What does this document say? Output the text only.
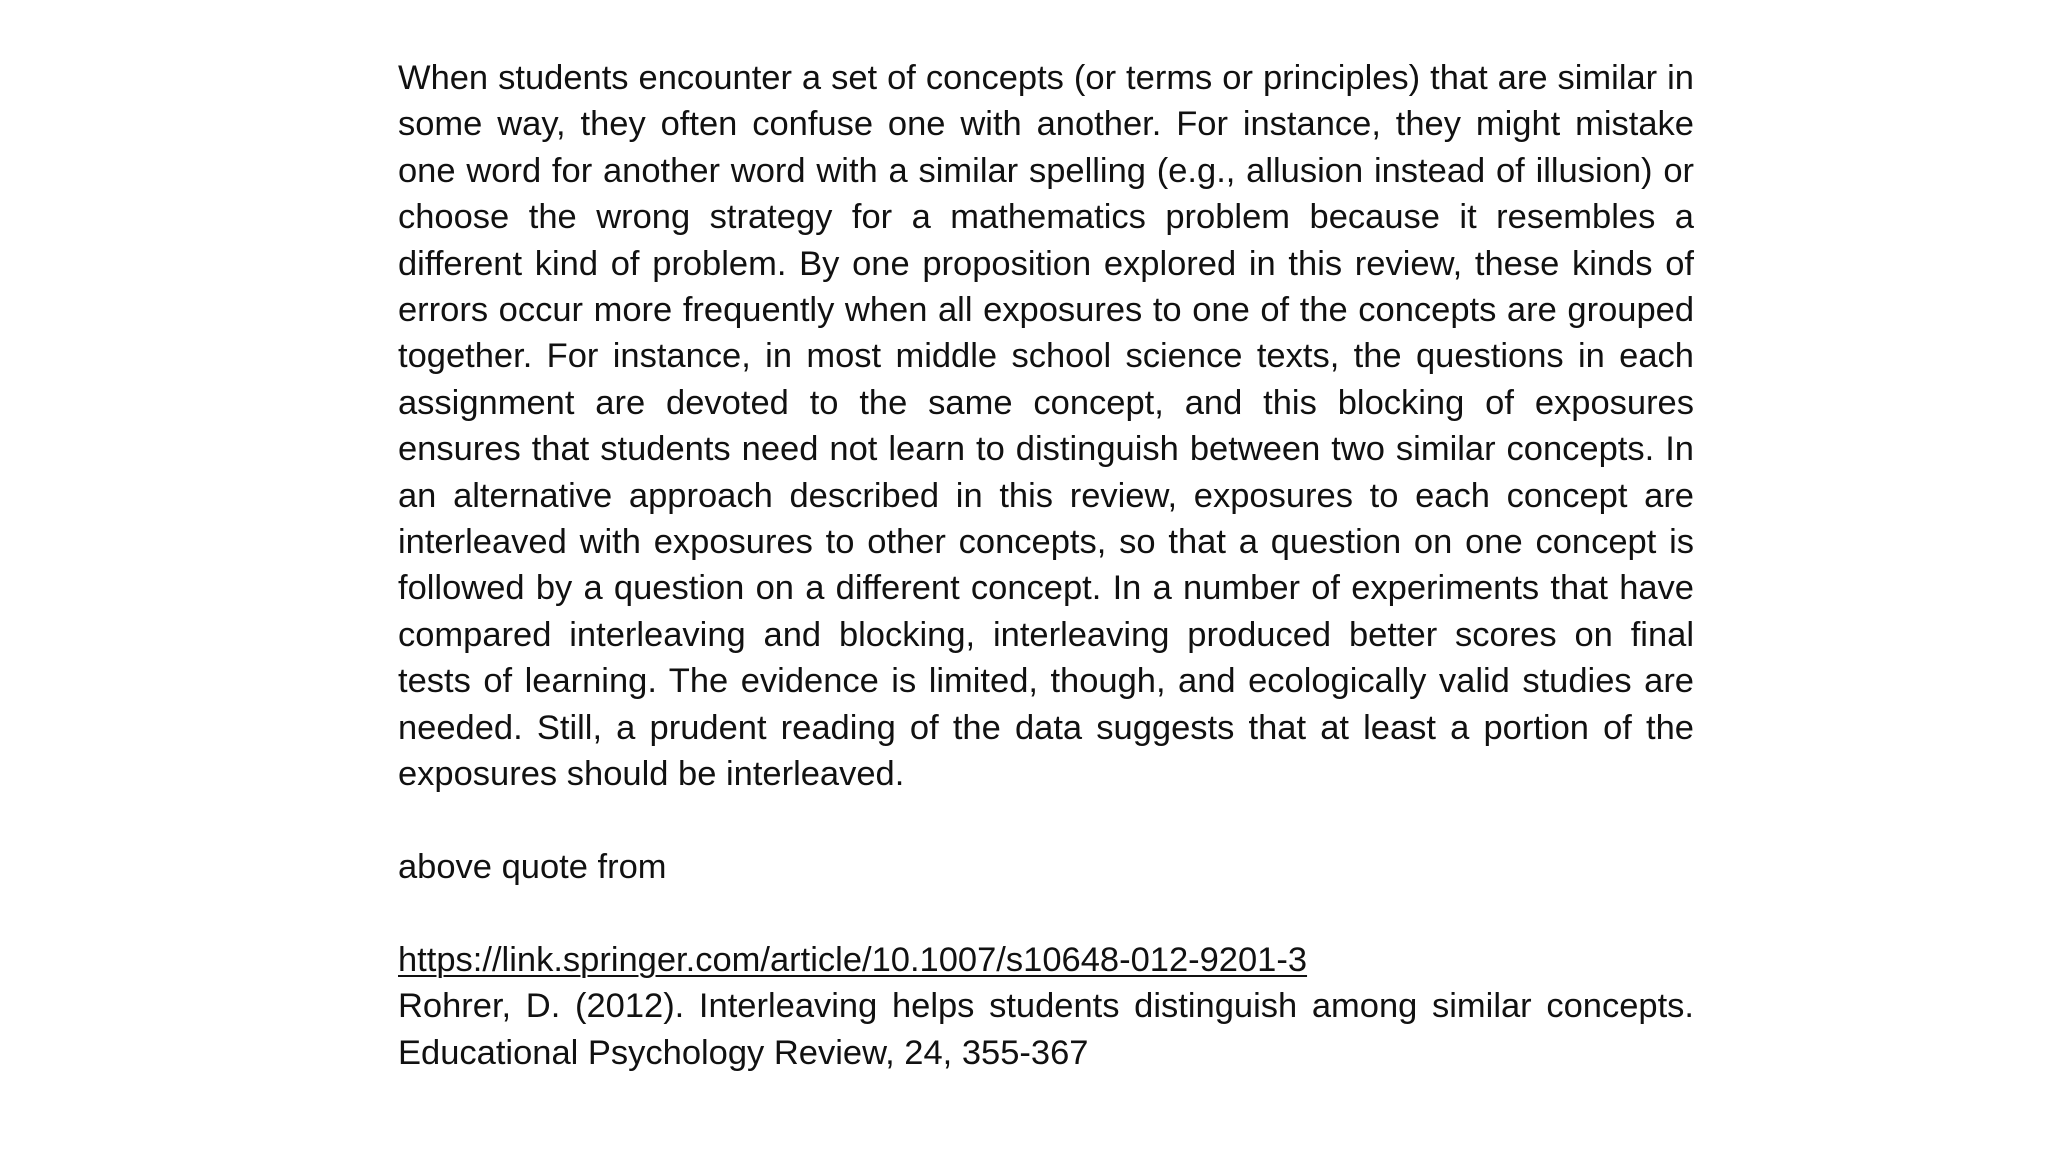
When students encounter a set of concepts (or terms or principles) that are similar in some way, they often confuse one with another. For instance, they might mistake one word for another word with a similar spelling (e.g., allusion instead of illusion) or choose the wrong strategy for a mathematics problem because it resembles a different kind of problem. By one proposition explored in this review, these kinds of errors occur more frequently when all exposures to one of the concepts are grouped together. For instance, in most middle school science texts, the questions in each assignment are devoted to the same concept, and this blocking of exposures ensures that students need not learn to distinguish between two similar concepts. In an alternative approach described in this review, exposures to each concept are interleaved with exposures to other concepts, so that a question on one concept is followed by a question on a different concept. In a number of experiments that have compared interleaving and blocking, interleaving produced better scores on final tests of learning. The evidence is limited, though, and ecologically valid studies are needed. Still, a prudent reading of the data suggests that at least a portion of the exposures should be interleaved.

above quote from

https://link.springer.com/article/10.1007/s10648-012-9201-3

Rohrer, D. (2012). Interleaving helps students distinguish among similar concepts. Educational Psychology Review, 24, 355-367
